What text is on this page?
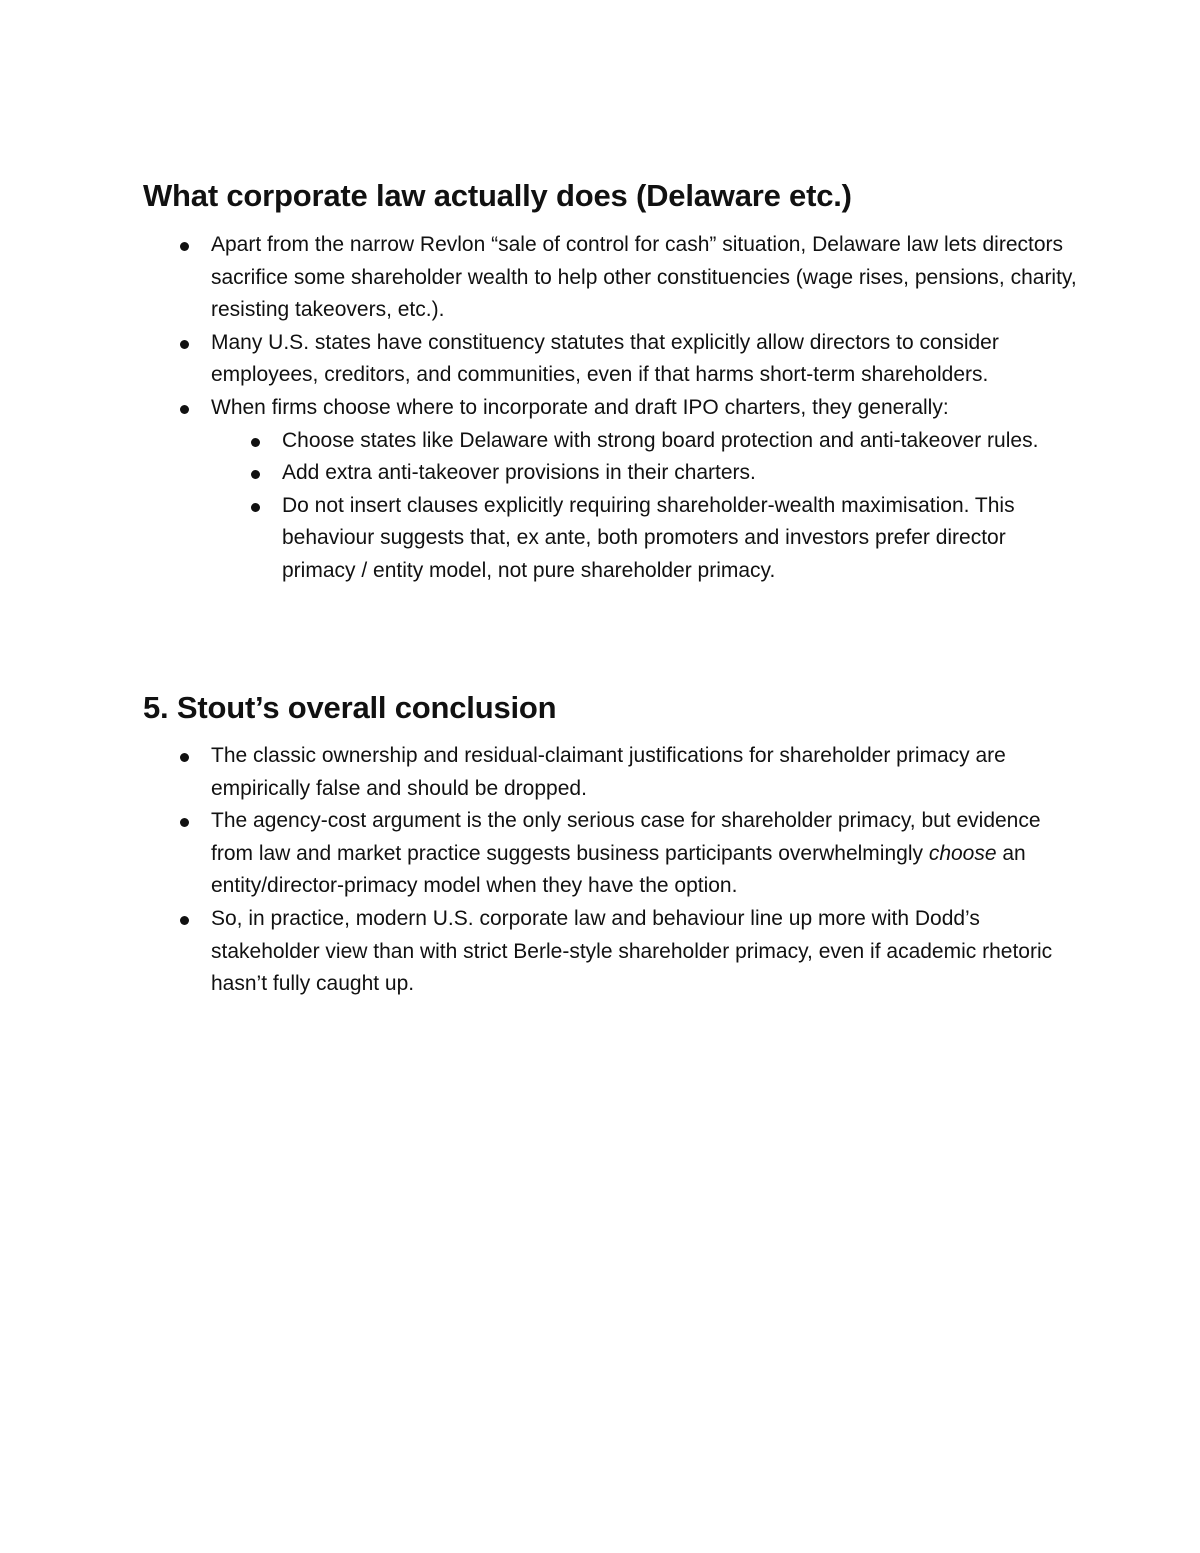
What corporate law actually does (Delaware etc.)
Apart from the narrow Revlon “sale of control for cash” situation, Delaware law lets directors sacrifice some shareholder wealth to help other constituencies (wage rises, pensions, charity, resisting takeovers, etc.).
Many U.S. states have constituency statutes that explicitly allow directors to consider employees, creditors, and communities, even if that harms short-term shareholders.
When firms choose where to incorporate and draft IPO charters, they generally:
Choose states like Delaware with strong board protection and anti-takeover rules.
Add extra anti-takeover provisions in their charters.
Do not insert clauses explicitly requiring shareholder-wealth maximisation. This behaviour suggests that, ex ante, both promoters and investors prefer director primacy / entity model, not pure shareholder primacy.
5. Stout’s overall conclusion
The classic ownership and residual-claimant justifications for shareholder primacy are empirically false and should be dropped.
The agency-cost argument is the only serious case for shareholder primacy, but evidence from law and market practice suggests business participants overwhelmingly choose an entity/director-primacy model when they have the option.
So, in practice, modern U.S. corporate law and behaviour line up more with Dodd’s stakeholder view than with strict Berle-style shareholder primacy, even if academic rhetoric hasn’t fully caught up.
